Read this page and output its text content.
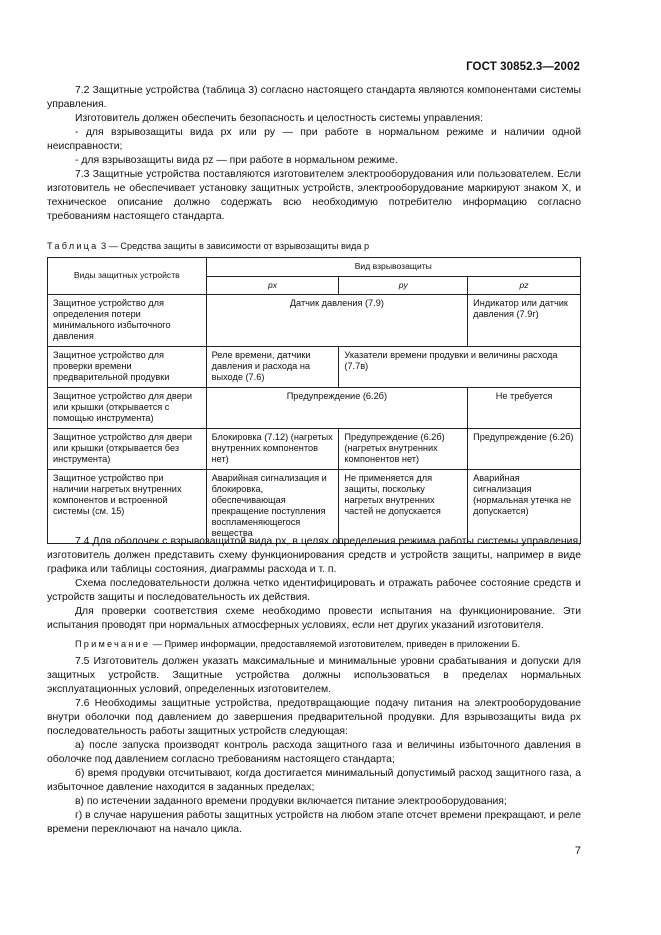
ГОСТ 30852.3—2002

7.2 Защитные устройства (таблица 3) согласно настоящего стандарта являются компонентами системы управления.

Изготовитель должен обеспечить безопасность и целостность системы управления:

- для взрывозащиты вида px или py — при работе в нормальном режиме и наличии одной неисправности;

- для взрывозащиты вида pz — при работе в нормальном режиме.

7.3 Защитные устройства поставляются изготовителем электрооборудования или пользователем. Если изготовитель не обеспечивает установку защитных устройств, электрооборудование маркируют знаком X, и техническое описание должно содержать всю необходимую потребителю информацию согласно требованиям настоящего стандарта.

Таблица 3 — Средства защиты в зависимости от взрывозащиты вида p
Виды защитных устройств	Вид взрывозащиты		
	px	py	pz
Защитное устройство для определения потери минимального избыточного давления	Датчик давления (7.9)		Индикатор или датчик давления (7.9г)
Защитное устройство для проверки времени предварительной продувки	Реле времени, датчики давления и расхода на выходе (7.6)	Указатели времени продувки и величины расхода (7.7в)	
Защитное устройство для двери или крышки (открывается с помощью инструмента)	Предупреждение (6.2б)		Не требуется
Защитное устройство для двери или крышки (открывается без инструмента)	Блокировка (7.12) (нагретых внутренних компонентов нет)	Предупреждение (6.2б) (нагретых внутренних компонентов нет)	Предупреждение (6.2б)
Защитное устройство при наличии нагретых внутренних компонентов и встроенной системы (см. 15)	Аварийная сигнализация и блокировка, обеспечивающая прекращение поступления воспламеняющегося вещества	Не применяется для защиты, поскольку нагретых внутренних частей не допускается	Аварийная сигнализация (нормальная утечка не допускается)

7.4 Для оболочек с взрывозащитой вида px, в целях определения режима работы системы управления, изготовитель должен представить схему функционирования средств и устройств защиты, например в виде графика или таблицы состояния, диаграммы расхода и т. п.

Схема последовательности должна четко идентифицировать и отражать рабочее состояние средств и устройств защиты и последовательность их действия.

Для проверки соответствия схеме необходимо провести испытания на функционирование. Эти испытания проводят при нормальных атмосферных условиях, если нет других указаний изготовителя.

Примечание — Пример информации, предоставляемой изготовителем, приведен в приложении Б.

7.5 Изготовитель должен указать максимальные и минимальные уровни срабатывания и допуски для защитных устройств. Защитные устройства должны использоваться в пределах нормальных эксплуатационных условий, определенных изготовителем.

7.6 Необходимы защитные устройства, предотвращающие подачу питания на электрооборудование внутри оболочки под давлением до завершения предварительной продувки. Для взрывозащиты вида px последовательность работы защитных устройств следующая:

а) после запуска производят контроль расхода защитного газа и величины избыточного давления в оболочке под давлением согласно требованиям настоящего стандарта;

б) время продувки отсчитывают, когда достигается минимальный допустимый расход защитного газа, а избыточное давление находится в заданных пределах;

в) по истечении заданного времени продувки включается питание электрооборудования;

г) в случае нарушения работы защитных устройств на любом этапе отсчет времени прекращают, и реле времени переключают на начало цикла.

7
